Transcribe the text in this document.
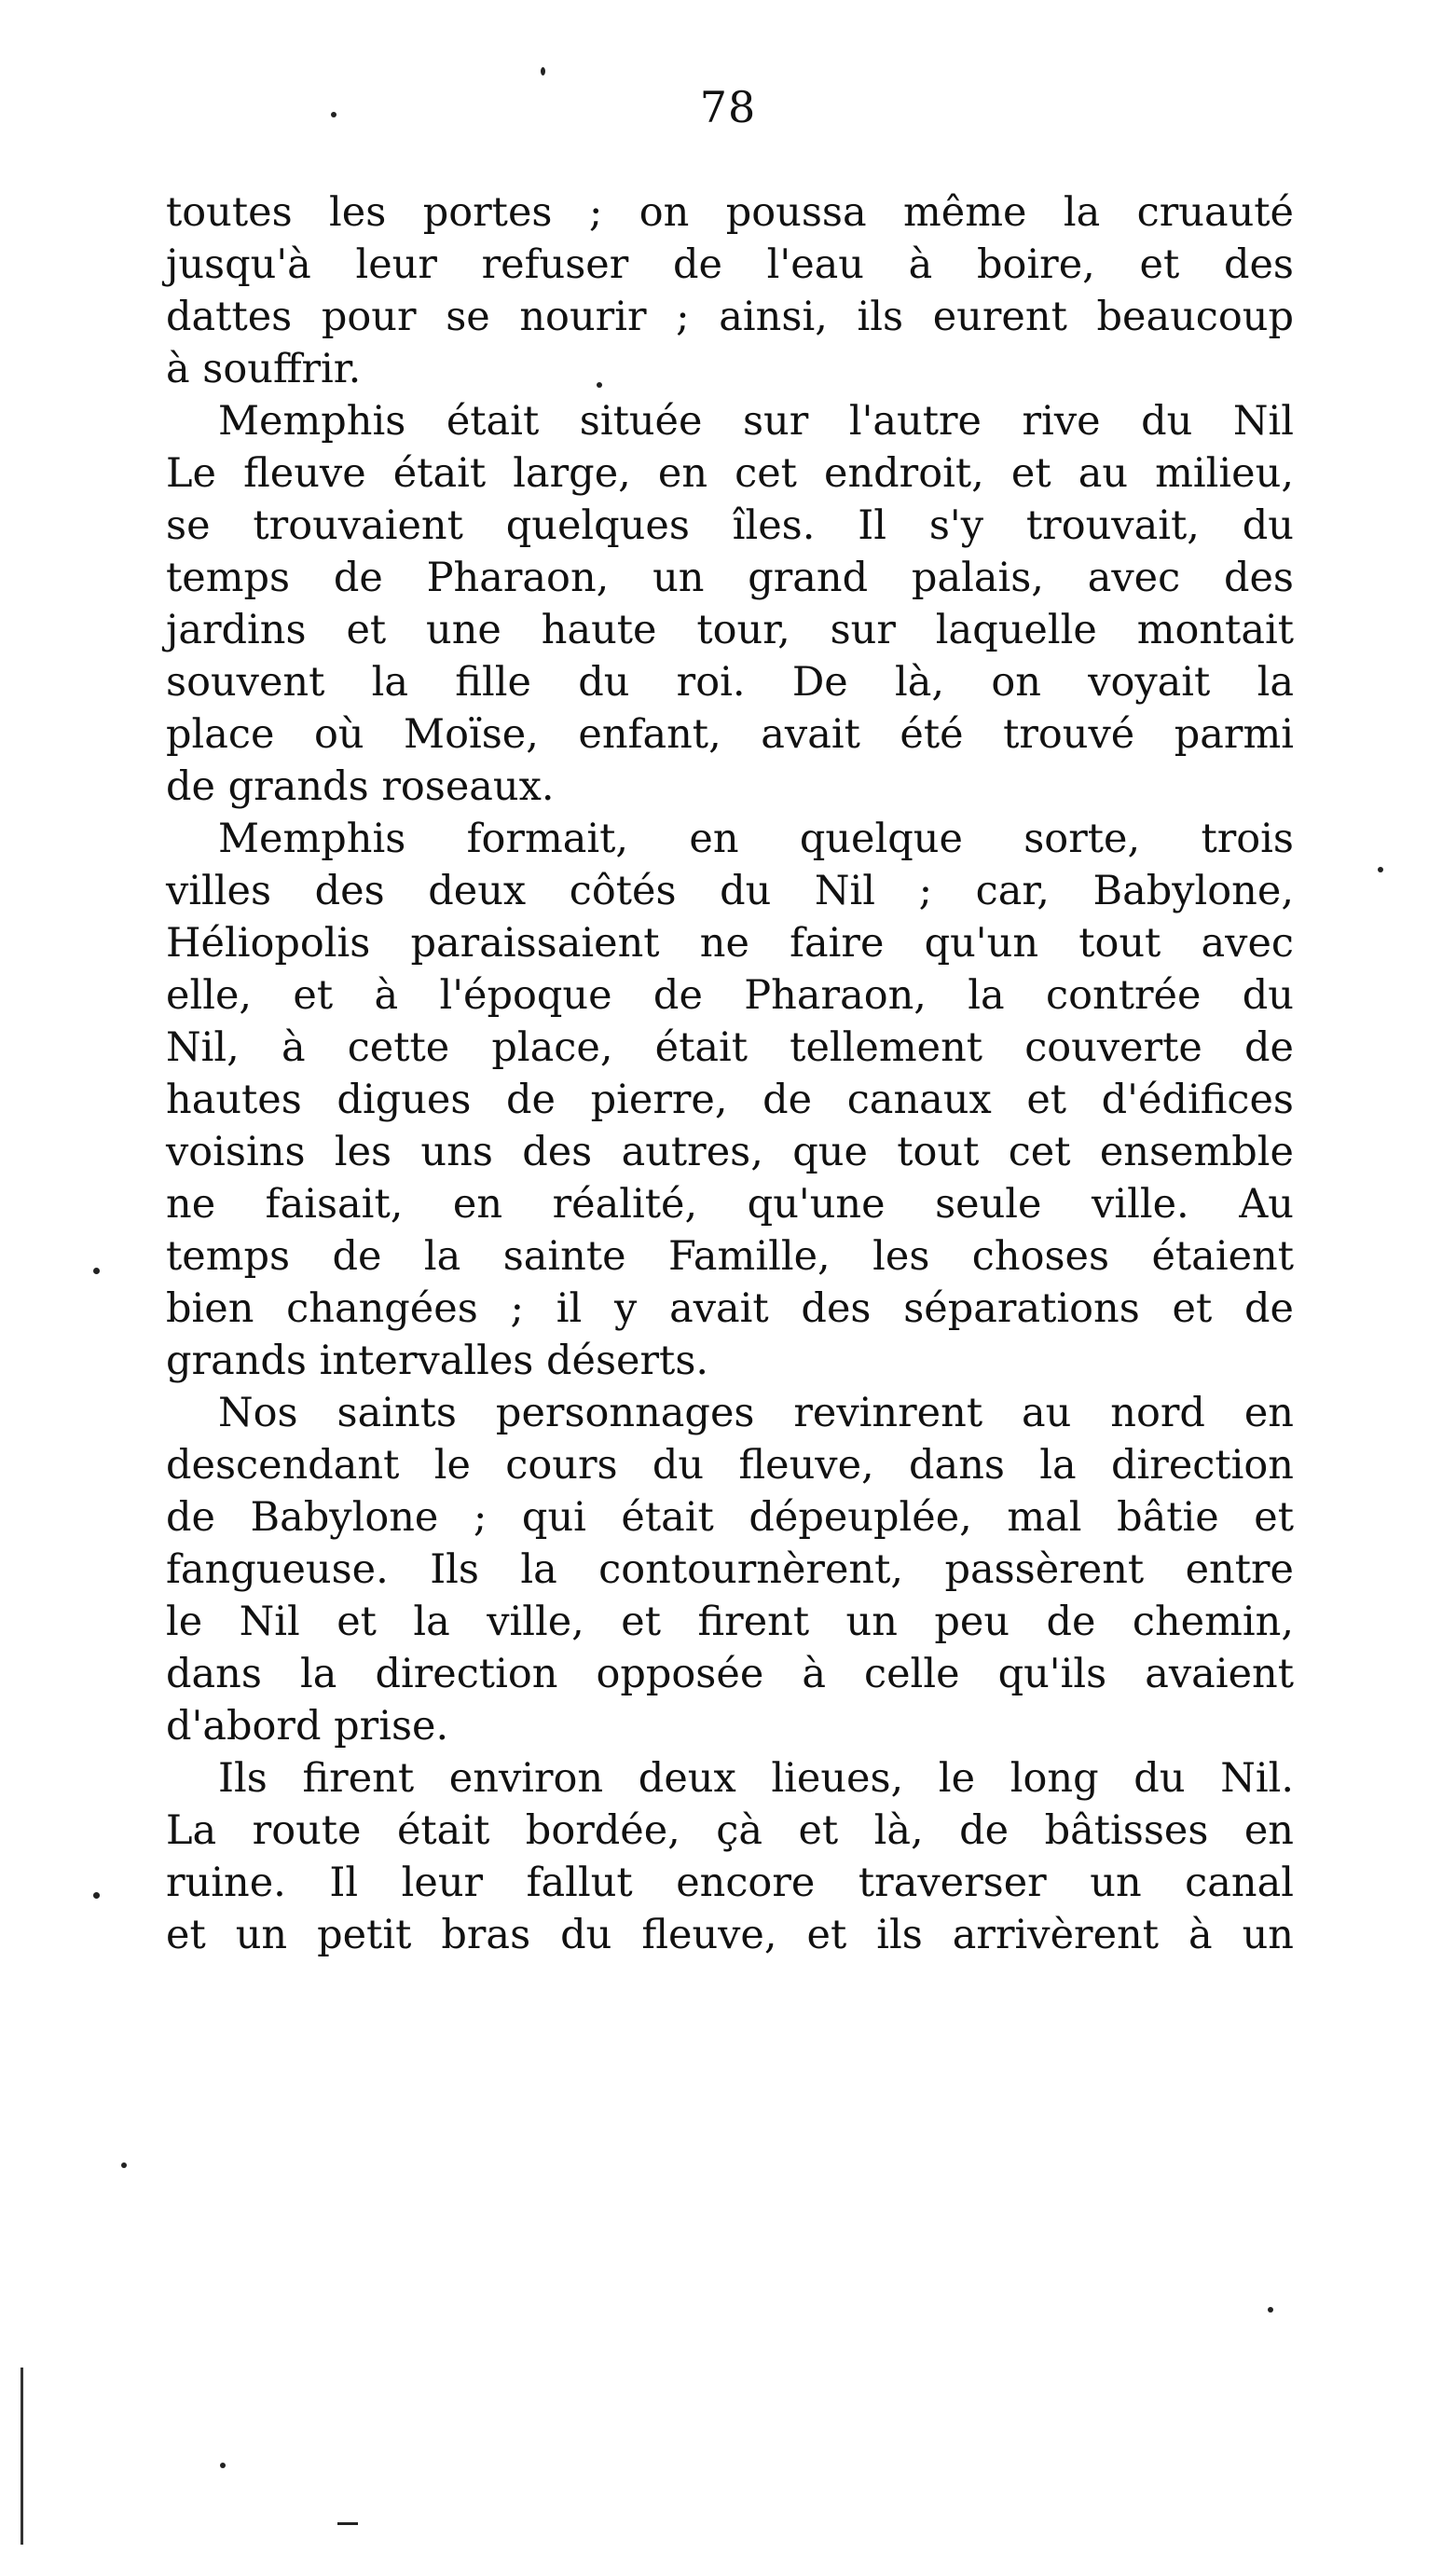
78
toutes les portes ; on poussa même la cruauté
jusqu'à leur refuser de l'eau à boire, et des
dattes pour se nourir ; ainsi, ils eurent beaucoup
à souffrir.
Memphis était située sur l'autre rive du Nil
Le fleuve était large, en cet endroit, et au milieu,
se trouvaient quelques îles. Il s'y trouvait, du
temps de Pharaon, un grand palais, avec des
jardins et une haute tour, sur laquelle montait
souvent la fille du roi. De là, on voyait la
place où Moïse, enfant, avait été trouvé parmi
de grands roseaux.
Memphis formait, en quelque sorte, trois
villes des deux côtés du Nil ; car, Babylone,
Héliopolis paraissaient ne faire qu'un tout avec
elle, et à l'époque de Pharaon, la contrée du
Nil, à cette place, était tellement couverte de
hautes digues de pierre, de canaux et d'édifices
voisins les uns des autres, que tout cet ensemble
ne faisait, en réalité, qu'une seule ville. Au
temps de la sainte Famille, les choses étaient
bien changées ; il y avait des séparations et de
grands intervalles déserts.
Nos saints personnages revinrent au nord en
descendant le cours du fleuve, dans la direction
de Babylone ; qui était dépeuplée, mal bâtie et
fangueuse. Ils la contournèrent, passèrent entre
le Nil et la ville, et firent un peu de chemin,
dans la direction opposée à celle qu'ils avaient
d'abord prise.
Ils firent environ deux lieues, le long du Nil.
La route était bordée, çà et là, de bâtisses en
ruine. Il leur fallut encore traverser un canal
et un petit bras du fleuve, et ils arrivèrent à un
